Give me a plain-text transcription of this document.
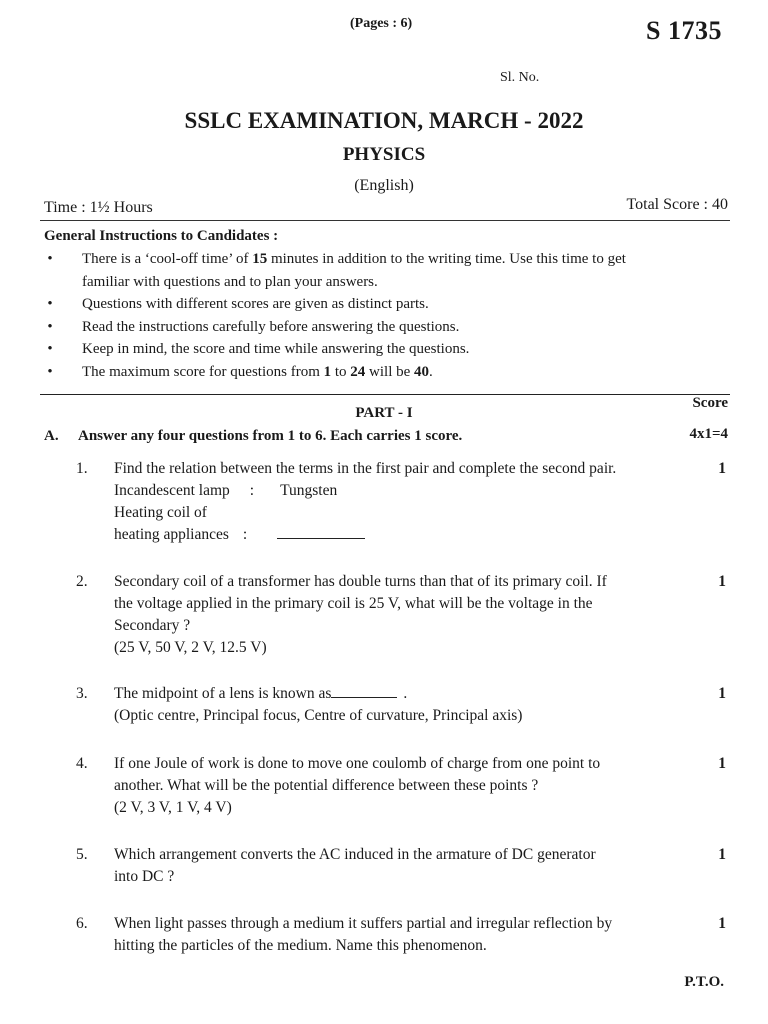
(Pages : 6)	S 1735
Sl. No.
SSLC EXAMINATION, MARCH - 2022
PHYSICS
(English)
Time : 1½ Hours	Total Score : 40
General Instructions to Candidates :
• There is a ‘cool-off time’ of 15 minutes in addition to the writing time. Use this time to get
familiar with questions and to plan your answers.
• Questions with different scores are given as distinct parts.
• Read the instructions carefully before answering the questions.
• Keep in mind, the score and time while answering the questions.
• The maximum score for questions from 1 to 24 will be 40.
Score
PART - I
A. Answer any four questions from 1 to 6. Each carries 1 score.	4x1=4
1. Find the relation between the terms in the first pair and complete the second pair.
Incandescent lamp : Tungsten
Heating coil of
heating appliances :
1
2. Secondary coil of a transformer has double turns than that of its primary coil. If
the voltage applied in the primary coil is 25 V, what will be the voltage in the
Secondary ?
(25 V, 50 V, 2 V, 12.5 V)
1
3. The midpoint of a lens is known as	.
(Optic centre, Principal focus, Centre of curvature, Principal axis)
1
4. If one Joule of work is done to move one coulomb of charge from one point to
another. What will be the potential difference between these points ?
(2 V, 3 V, 1 V, 4 V)
1
5. Which arrangement converts the AC induced in the armature of DC generator
into DC ?
1
6. When light passes through a medium it suffers partial and irregular reflection by
hitting the particles of the medium. Name this phenomenon.
1
P.T.O.
